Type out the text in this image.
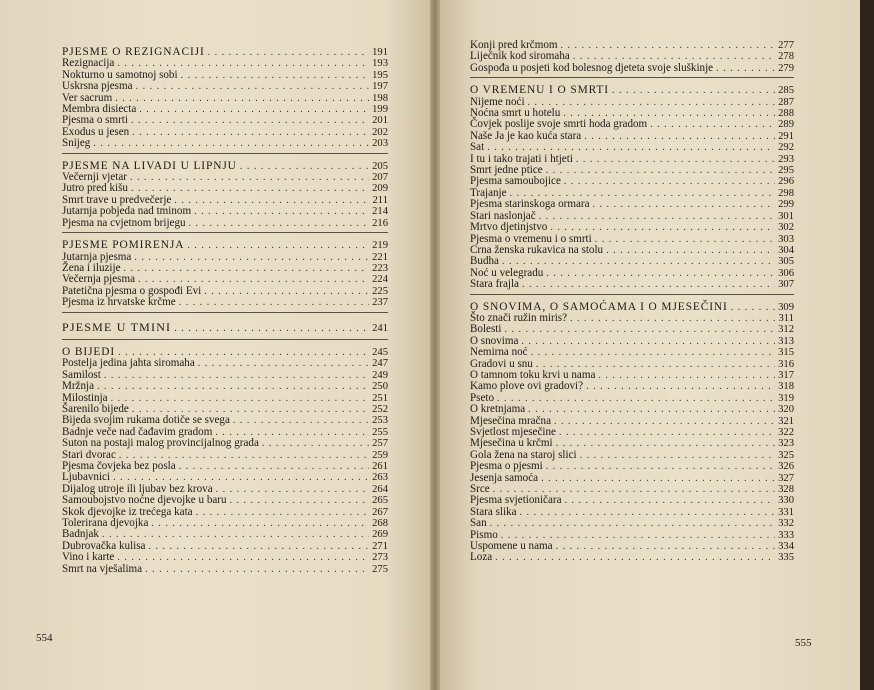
PJESME O REZIGNACIJI . . .	191
Rezignacija . . .	193
Nokturno u samotnoj sobi . . .	195
Uskrsna pjesma . . .	197
Ver sacrum . . .	198
Membra disiecta . . .	199
Pjesma o smrti . . .	201
Exodus u jesen . . .	202
Snijeg . . .	203
PJESME NA LIVADI U LIPNJU . . .	205
Večernji vjetar . . .	207
Jutro pred kišu . . .	209
Smrt trave u predvečerje . . .	211
Jutarnja pobjeda nad tminom . . .	214
Pjesma na cvjetnom brijegu . . .	216
PJESME POMIRENJA . . .	219
Jutarnja pjesma . . .	221
Žena i iluzije . . .	223
Večernja pjesma . . .	224
Patetična pjesma o gospođi Evi . . .	225
Pjesma iz hrvatske krčme . . .	237
PJESME U TMINI . . .	241
O BIJEDI . . .	245
Postelja jedina jahta siromaha . . .	247
Samilost . . .	249
Mržnja . . .	250
Milostinja . . .	251
Šarenilo bijede . . .	252
Bijeda svojim rukama dotiče se svega . . .	253
Badnje veče nad čađavim gradom . . .	255
Suton na postaji malog provincijalnog grada . . .	257
Stari dvorac . . .	259
Pjesma čovjeka bez posla . . .	261
Ljubavnici . . .	263
Dijalog utroje ili ljubav bez krova . . .	264
Samoubojstvo noćne djevojke u baru . . .	265
Skok djevojke iz trećega kata . . .	267
Tolerirana djevojka . . .	268
Badnjak . . .	269
Dubrovačka kulisa . . .	271
Vino i karte . . .	273
Smrt na vješalima . . .	275
Konji pred krčmom . . .	277
Liječnik kod siromaha . . .	278
Gospođa u posjeti kod bolesnog djeteta svoje sluškinje . . .	279
O VREMENU I O SMRTI . . .	285
Nijeme noći . . .	287
Noćna smrt u hotelu . . .	288
Čovjek poslije svoje smrti hoda gradom . . .	289
Naše Ja je kao kuća stara . . .	291
Sat . . .	292
I tu i tako trajati i htjeti . . .	293
Smrt jedne ptice . . .	295
Pjesma samoubojice . . .	296
Trajanje . . .	298
Pjesma starinskoga ormara . . .	299
Stari naslonjač . . .	301
Mrtvo djetinjstvo . . .	302
Pjesma o vremenu i o smrti . . .	303
Crna ženska rukavica na stolu . . .	304
Budha . . .	305
Noć u velegradu . . .	306
Stara frajla . . .	307
O SNOVIMA, O SAMOĆAMA I O MJESEČINI . . .	309
Što znači ružin miris? . . .	311
Bolesti . . .	312
O snovima . . .	313
Nemirna noć . . .	315
Gradovi u snu . . .	316
O tamnom toku krvi u nama . . .	317
Kamo plove ovi gradovi? . . .	318
Pseto . . .	319
O kretnjama . . .	320
Mjesečina mračna . . .	321
Svjetlost mjesečine . . .	322
Mjesečina u krčmi . . .	323
Gola žena na staroj slici . . .	325
Pjesma o pjesmi . . .	326
Jesenja samoća . . .	327
Srce . . .	328
Pjesma svjetioničara . . .	330
Stara slika . . .	331
San . . .	332
Pismo . . .	333
Uspomene u nama . . .	334
Loza . . .	335
554	555
